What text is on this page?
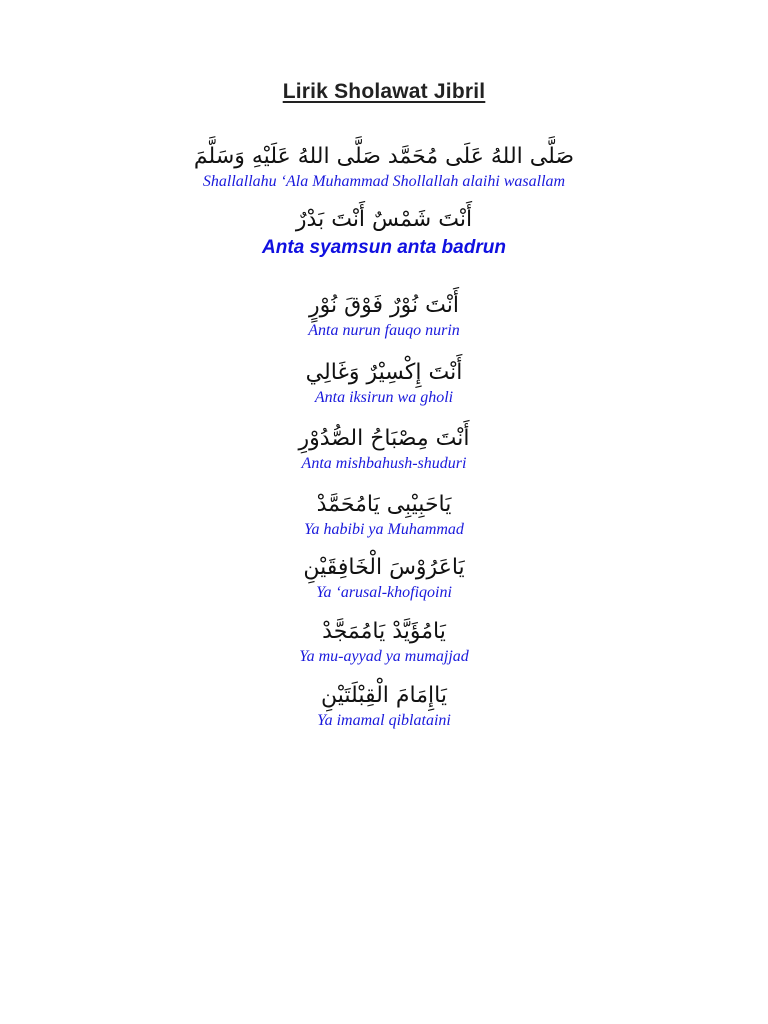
Lirik Sholawat Jibril
صَلَّى اللهُ عَلَى مُحَمَّد صَلَّى اللهُ عَلَيْهِ وَسَلَّمَ
Shallallahu ‘Ala Muhammad Shollallah alaihi wasallam
أَنْتَ شَمْسٌ أَنْتَ بَدْرٌ
Anta syamsun anta badrun
أَنْتَ نُوْرٌ فَوْقَ نُوْرٍ
Anta nurun fauqo nurin
أَنْتَ إِكْسِيْرٌ وَغَالِي
Anta iksirun wa gholi
أَنْتَ مِصْبَاحُ الصُّدُوْرِ
Anta mishbahush-shuduri
يَاحَبِيْبِى يَامُحَمَّدْ
Ya habibi ya Muhammad
يَاعَرُوْسَ الْخَافِقَيْنِ
Ya ‘arusal-khofiqoini
يَامُؤَيَّدْ يَامُمَجَّدْ
Ya mu-ayyad ya mumajjad
يَاإِمَامَ الْقِبْلَتَيْنِ
Ya imamal qiblataini
